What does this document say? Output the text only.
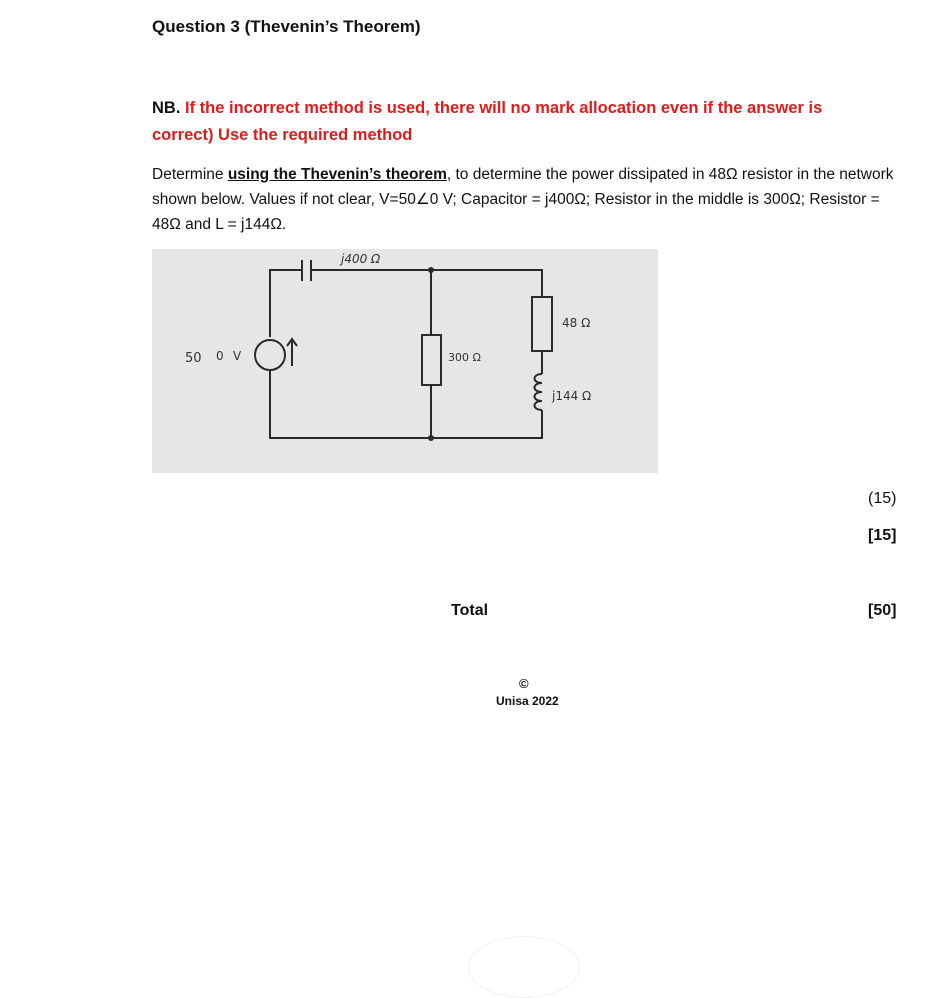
Question 3 (Thevenin’s Theorem)
NB. If the incorrect method is used, there will no mark allocation even if the answer is correct) Use the required method
Determine using the Thevenin’s theorem, to determine the power dissipated in 48Ω resistor in the network shown below. Values if not clear, V=50∠0 V; Capacitor = j400Ω; Resistor in the middle is 300Ω; Resistor = 48Ω and L = j144Ω.
j400 Ω
50 0 V	300 Ω
48 Ω
j144 Ω
(15)
[15]
Total	[50]
©
Unisa 2022
